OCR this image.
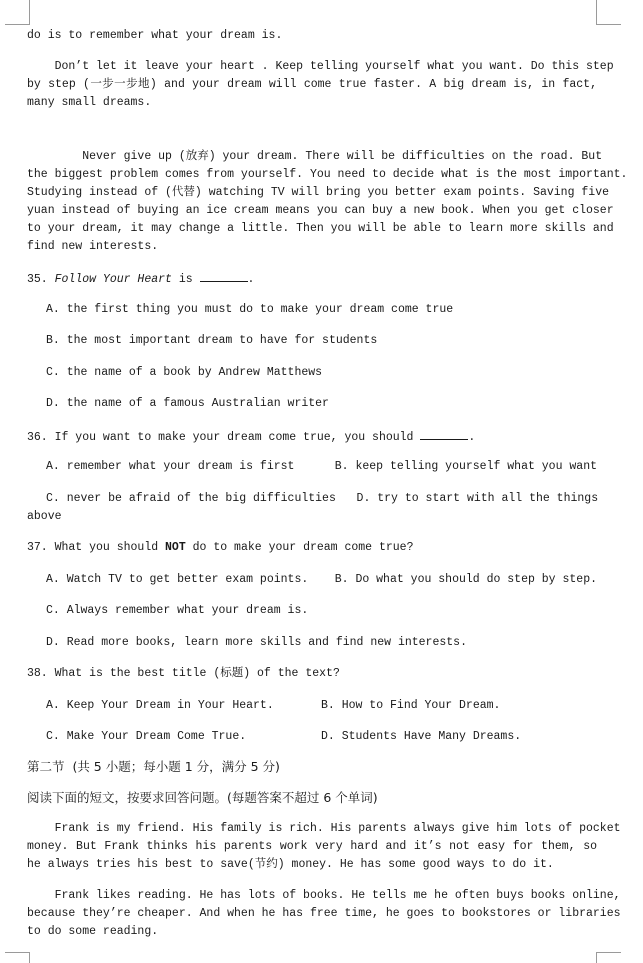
do is to remember what your dream is.
Don’t let it leave your heart . Keep telling yourself what you want. Do this step
by step (一步一步地) and your dream will come true faster. A big dream is, in fact,
many small dreams.
Never give up (放弃) your dream. There will be difficulties on the road. But
the biggest problem comes from yourself. You need to decide what is the most important.
Studying instead of (代替) watching TV will bring you better exam points. Saving five
yuan instead of buying an ice cream means you can buy a new book. When you get closer
to your dream, it may change a little. Then you will be able to learn more skills and
find new interests.
35. Follow Your Heart is	.
A. the first thing you must do to make your dream come true
B. the most important dream to have for students
C. the name of a book by Andrew Matthews
D. the name of a famous Australian writer
36. If you want to make your dream come true, you should	.
A. remember what your dream is first	B. keep telling yourself what you want
C. never be afraid of the big difficulties   D. try to start with all the things
above
37. What you should NOT do to make your dream come true?
A. Watch TV to get better exam points.	B. Do what you should do step by step.
C. Always remember what your dream is.
D. Read more books, learn more skills and find new interests.
38. What is the best title (标题) of the text?
A. Keep Your Dream in Your Heart.	B. How to Find Your Dream.
C. Make Your Dream Come True.	D. Students Have Many Dreams.
第二节  (共 5 小题；每小题 1 分，满分 5 分)
阅读下面的短文，按要求回答问题。(每题答案不超过 6 个单词)
Frank is my friend. His family is rich. His parents always give him lots of pocket
money. But Frank thinks his parents work very hard and it’s not easy for them, so
he always tries his best to save(节约) money. He has some good ways to do it.
Frank likes reading. He has lots of books. He tells me he often buys books online,
because they’re cheaper. And when he has free time, he goes to bookstores or libraries
to do some reading.
